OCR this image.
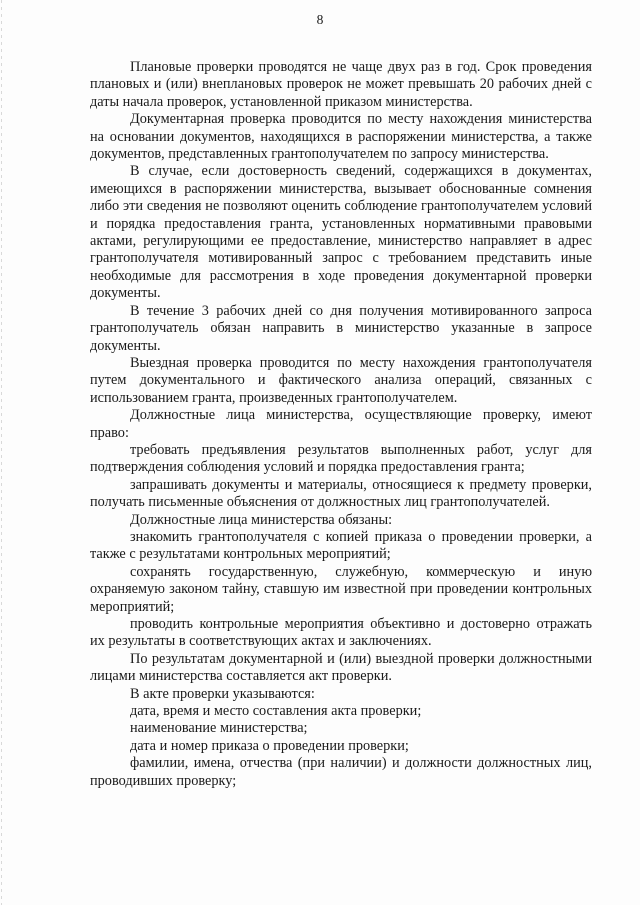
8

Плановые проверки проводятся не чаще двух раз в год. Срок проведения плановых и (или) внеплановых проверок не может превышать 20 рабочих дней с даты начала проверок, установленной приказом министерства.

Документарная проверка проводится по месту нахождения министерства на основании документов, находящихся в распоряжении министерства, а также документов, представленных грантополучателем по запросу министерства.

В случае, если достоверность сведений, содержащихся в документах, имеющихся в распоряжении министерства, вызывает обоснованные сомнения либо эти сведения не позволяют оценить соблюдение грантополучателем условий и порядка предоставления гранта, установленных нормативными правовыми актами, регулирующими ее предоставление, министерство направляет в адрес грантополучателя мотивированный запрос с требованием представить иные необходимые для рассмотрения в ходе проведения документарной проверки документы.

В течение 3 рабочих дней со дня получения мотивированного запроса грантополучатель обязан направить в министерство указанные в запросе документы.

Выездная проверка проводится по месту нахождения грантополучателя путем документального и фактического анализа операций, связанных с использованием гранта, произведенных грантополучателем.

Должностные лица министерства, осуществляющие проверку, имеют право:

требовать предъявления результатов выполненных работ, услуг для подтверждения соблюдения условий и порядка предоставления гранта;

запрашивать документы и материалы, относящиеся к предмету проверки, получать письменные объяснения от должностных лиц грантополучателей.

Должностные лица министерства обязаны:

знакомить грантополучателя с копией приказа о проведении проверки, а также с результатами контрольных мероприятий;

сохранять государственную, служебную, коммерческую и иную охраняемую законом тайну, ставшую им известной при проведении контрольных мероприятий;

проводить контрольные мероприятия объективно и достоверно отражать их результаты в соответствующих актах и заключениях.

По результатам документарной и (или) выездной проверки должностными лицами министерства составляется акт проверки.

В акте проверки указываются:

дата, время и место составления акта проверки;

наименование министерства;

дата и номер приказа о проведении проверки;

фамилии, имена, отчества (при наличии) и должности должностных лиц, проводивших проверку;
